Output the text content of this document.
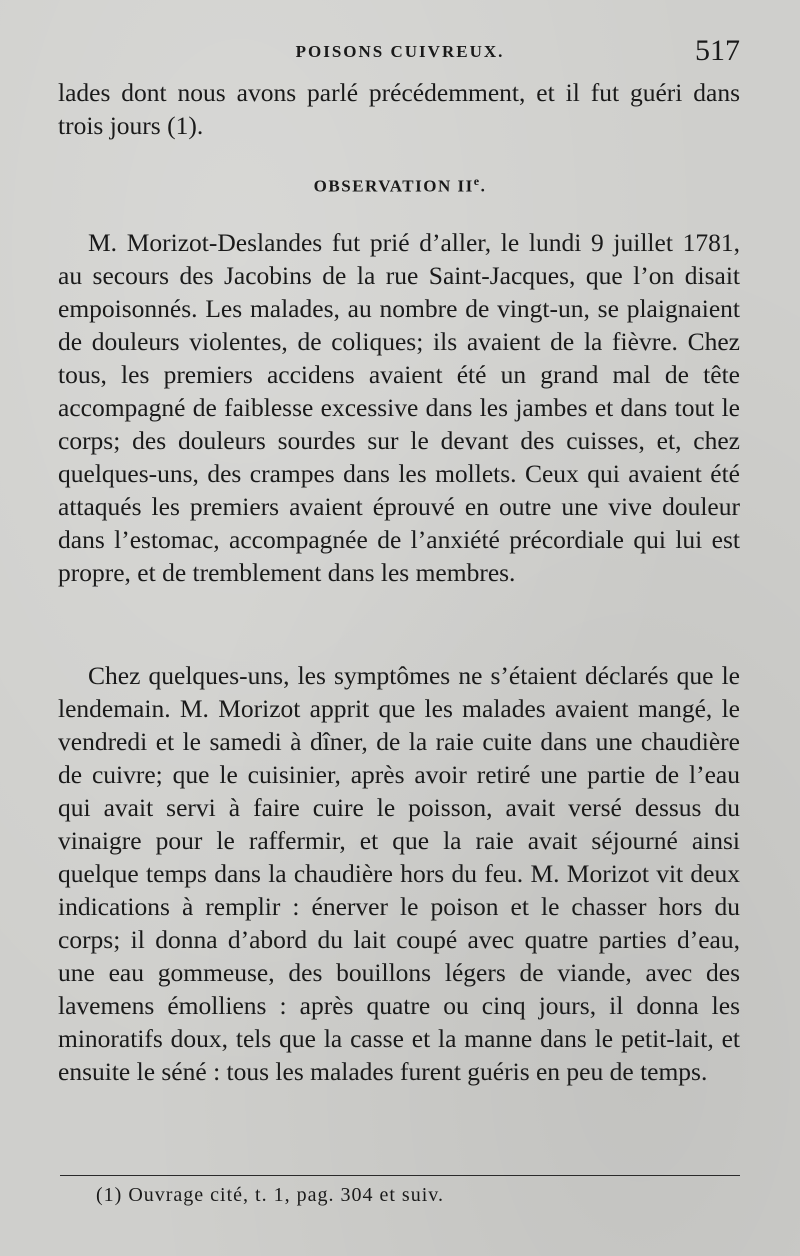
POISONS CUIVREUX.	517

lades dont nous avons parlé précédemment, et il fut guéri dans trois jours (1).

OBSERVATION IIe.

M. Morizot-Deslandes fut prié d’aller, le lundi 9 juillet 1781, au secours des Jacobins de la rue Saint-Jacques, que l’on disait empoisonnés. Les malades, au nombre de vingt-un, se plaignaient de douleurs violentes, de coliques; ils avaient de la fièvre. Chez tous, les premiers accidens avaient été un grand mal de tête accompagné de faiblesse excessive dans les jambes et dans tout le corps; des douleurs sourdes sur le devant des cuisses, et, chez quelques-uns, des crampes dans les mollets. Ceux qui avaient été attaqués les premiers avaient éprouvé en outre une vive douleur dans l’estomac, accompagnée de l’anxiété précordiale qui lui est propre, et de tremblement dans les membres.

Chez quelques-uns, les symptômes ne s’étaient déclarés que le lendemain. M. Morizot apprit que les malades avaient mangé, le vendredi et le samedi à dîner, de la raie cuite dans une chaudière de cuivre; que le cuisinier, après avoir retiré une partie de l’eau qui avait servi à faire cuire le poisson, avait versé dessus du vinaigre pour le raffermir, et que la raie avait séjourné ainsi quelque temps dans la chaudière hors du feu. M. Morizot vit deux indications à remplir : énerver le poison et le chasser hors du corps; il donna d’abord du lait coupé avec quatre parties d’eau, une eau gommeuse, des bouillons légers de viande, avec des lavemens émolliens : après quatre ou cinq jours, il donna les minoratifs doux, tels que la casse et la manne dans le petit-lait, et ensuite le séné : tous les malades furent guéris en peu de temps.

(1) Ouvrage cité, t. 1, pag. 304 et suiv.
